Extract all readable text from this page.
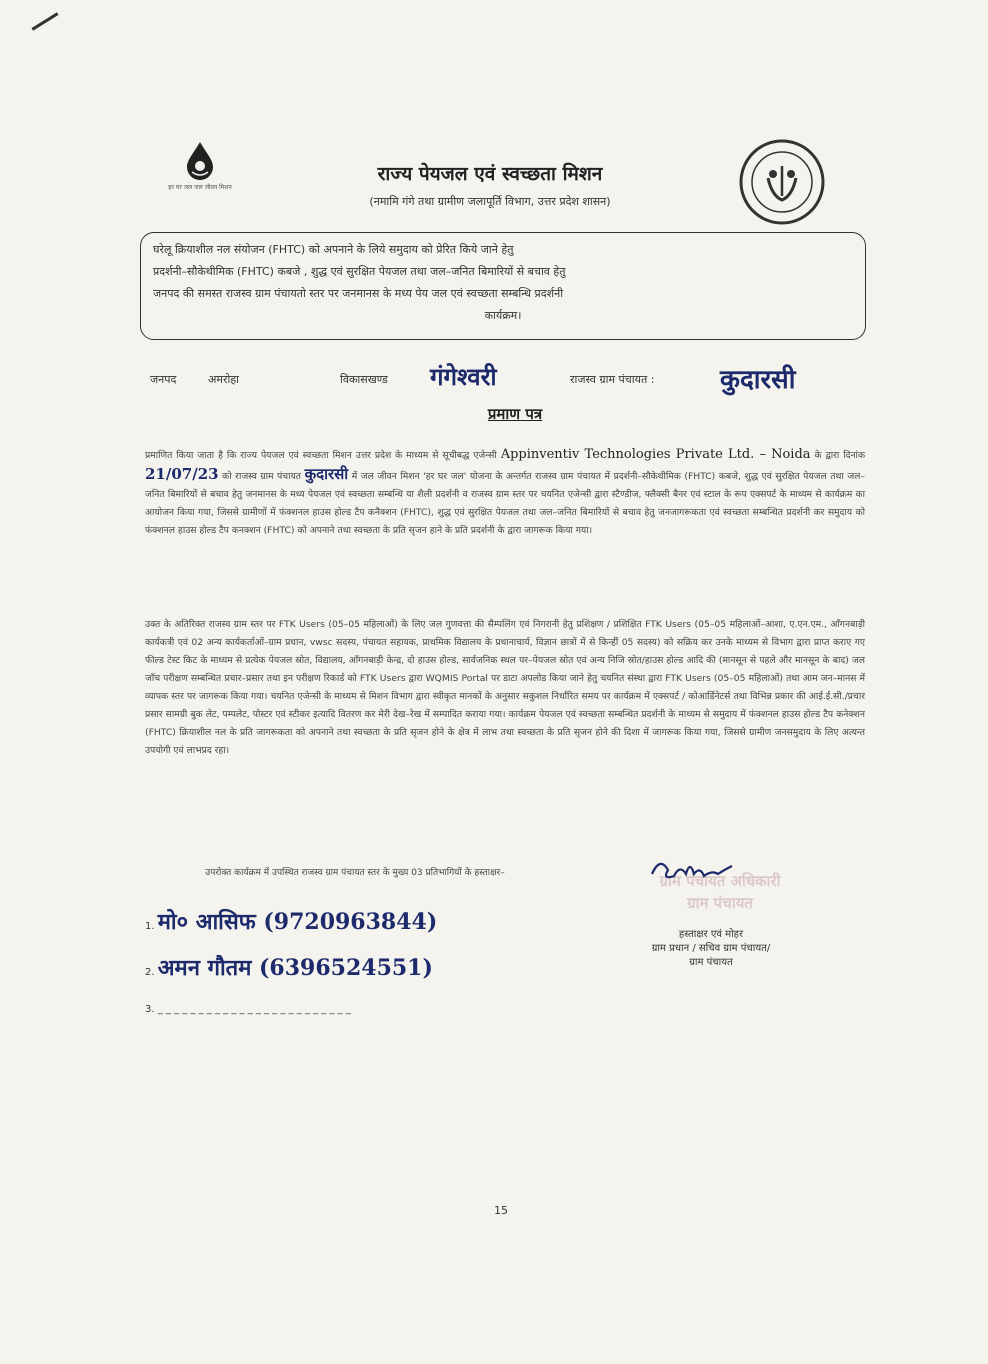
हर घर जल जल जीवन मिशन
राज्य पेयजल एवं स्वच्छता मिशन
(नमामि गंगे तथा ग्रामीण जलापूर्ति विभाग, उत्तर प्रदेश शासन)
घरेलू क्रियाशील नल संयोजन (FHTC) को अपनाने के लिये समुदाय को प्रेरित किये जाने हेतु
प्रदर्शनी–सौकेथीमिक (FHTC) कबजे , शुद्ध एवं सुरक्षित पेयजल तथा जल–जनित बिमारियों से बचाव हेतु
जनपद की समस्त राजस्व ग्राम पंचायतो स्तर पर जनमानस के मध्य पेय जल एवं स्वच्छता सम्बन्धि प्रदर्शनी
कार्यक्रम।
जनपद	अमरोहा	विकासखण्ड गंगेश्वरी	राजस्व ग्राम पंचायत :	कुदारसी
प्रमाण पत्र
प्रमाणित किया जाता है कि राज्य पेयजल एवं स्वच्छता मिशन उत्तर प्रदेश के माध्यम से सूचीबद्ध एजेन्सी Appinventiv Technologies Private Ltd. – Noida के द्वारा दिनांक 21/07/23 को राजस्व ग्राम पंचायत कुदारसी में जल जीवन मिशन 'हर घर जल' योजना के अन्तर्गत राजस्व ग्राम पंचायत में प्रदर्शनी–सौकेथीमिक (FHTC) कबजे, शुद्ध एवं सुरक्षित पेयजल तथा जल–जनित बिमारियों से बचाव हेतु जनमानस के मध्य पेयजल एवं स्वच्छता सम्बन्धि या शैली प्रदर्शनी व राजस्व ग्राम स्तर पर चयनित एजेन्सी द्वारा स्टैण्डीज, फ्लैक्सी बैनर एवं स्टाल के रूप एक्सपर्ट के माध्यम से कार्यक्रम का आयोजन किया गया, जिससे ग्रामीणों में फंक्शनल हाउस होल्ड टैप कनैक्शन (FHTC), शुद्ध एवं सुरक्षित पेयजल तथा जल–जनित बिमारियों से बचाव हेतु जनजागरूकता एवं स्वच्छता सम्बन्धित प्रदर्शनी कर समुदाय को फंक्शनल हाउस होल्ड टैप कनक्शन (FHTC) को अपनाने तथा स्वच्छता के प्रति सृजन हाने के प्रति प्रदर्शनी के द्वारा जागरूक किया गया।
उक्त के अतिरिक्त राजस्व ग्राम स्तर पर FTK Users (05–05 महिलाओं) के लिए जल गुणवत्ता की सैम्पलिंग एवं निगरानी हेतु प्रशिक्षण / प्रशिक्षित FTK Users (05–05 महिलाओं–आशा, ए.एन.एम., आँगनबाड़ी कार्यकत्री एवं 02 अन्य कार्यकर्ताओं–ग्राम प्रधान, vwsc सदस्य, पंचायत सहायक, प्राथमिक विद्यालय के प्रधानाचार्य, विज्ञान छात्रों में से किन्हीं 05 सदस्य) को सक्रिय कर उनके माध्यम से विभाग द्वारा प्राप्त कराए गए फील्ड टेस्ट किट के माध्यम से प्रत्येक पेयजल स्रोत, विद्यालय, आँगनबाड़ी केन्द्र, दो हाउस होल्ड, सार्वजनिक स्थल पर–पेयजल स्रोत एवं अन्य निजि स्रोत/हाउस होल्ड आदि की (मानसून से पहले और मानसून के बाद) जल जाँच परीक्षण सम्बन्धित प्रचार–प्रसार तथा इन परीक्षण रिकार्ड को FTK Users द्वारा WQMIS Portal पर डाटा अपलोड किया जाने हेतु चयनित संस्था द्वारा FTK Users (05–05 महिलाओं) तथा आम जन–मानस में व्यापक स्तर पर जागरूक किया गया। चयनित एजेन्सी के माध्यम से मिशन विभाग द्वारा स्वीकृत मानकों के अनुसार सकुशल निर्धारित समय पर कार्यक्रम में एक्सपर्ट / कोआर्डिनेटर्स तथा विभिन्न प्रकार की आई.ई.सी./प्रचार प्रसार सामग्री बुक लेट, पम्पलेट, पोस्टर एवं स्टीकर इत्यादि वितरण कर मेरी देख–रेख में सम्पादित कराया गया। कार्यक्रम पेयजल एवं स्वच्छता सम्बन्धित प्रदर्शनी के माध्यम से समुदाय में फंक्शनल हाउस होल्ड टैप कनेक्शन (FHTC) क्रियाशील नल के प्रति जागरूकता को अपनाने तथा स्वच्छता के प्रति सृजन होने के क्षेत्र में लाभ तथा स्वच्छता के प्रति सृजन होने की दिशा में जागरूक किया गया, जिससे ग्रामीण जनसमुदाय के लिए अत्यन्त उपयोगी एवं लाभप्रद रहा।
उपरोक्त कार्यक्रम में उपस्थित राजस्व ग्राम पंचायत स्तर के मुख्य 03 प्रतिभागियों के हस्ताक्षर–
1. मो० आसिफ (9720963844)
2. अमन गौतम (6396524551)
3. _ _ _ _ _ _ _ _ _ _ _ _ _ _ _ _ _ _ _ _ _ _ _ _
ग्राम पंचायत अधिकारी
ग्राम पंचायत
हस्ताक्षर एवं मोहर
ग्राम प्रधान / सचिव ग्राम पंचायत/
ग्राम पंचायत
15
